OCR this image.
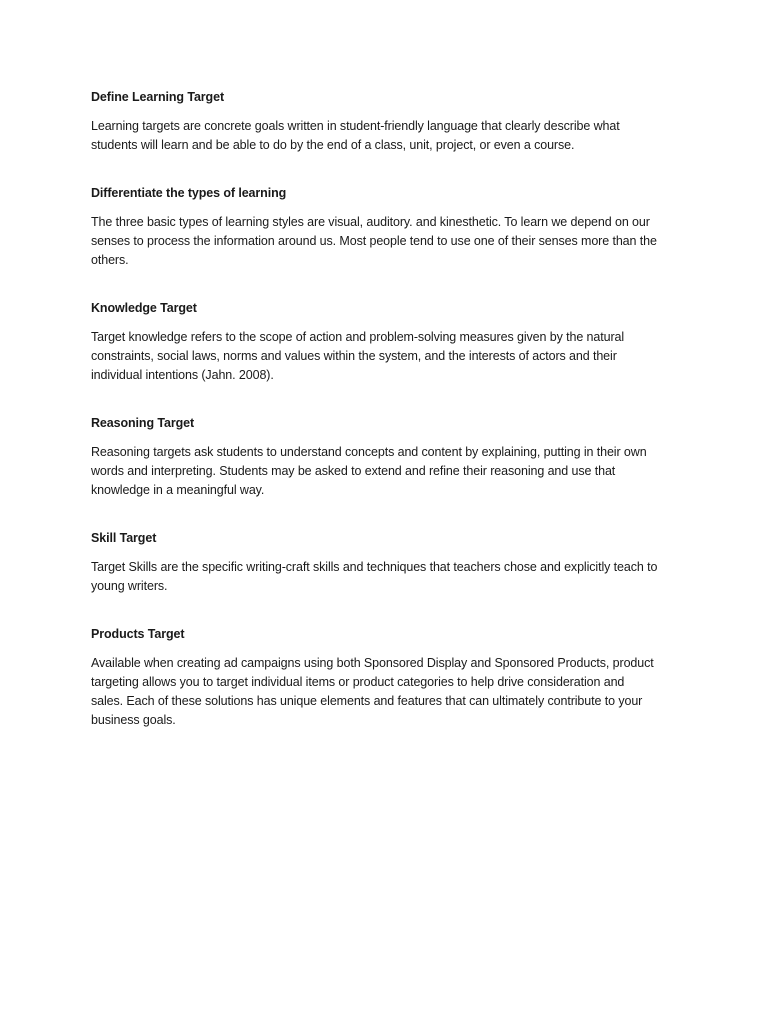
Define Learning Target

Learning targets are concrete goals written in student-friendly language that clearly describe what
students will learn and be able to do by the end of a class, unit, project, or even a course.

Differentiate the types of learning

The three basic types of learning styles are visual, auditory. and kinesthetic. To learn we depend on our
senses to process the information around us. Most people tend to use one of their senses more than the
others.

Knowledge Target

Target knowledge refers to the scope of action and problem-solving measures given by the natural
constraints, social laws, norms and values within the system, and the interests of actors and their
individual intentions (Jahn. 2008).

Reasoning Target

Reasoning targets ask students to understand concepts and content by explaining, putting in their own
words and interpreting. Students may be asked to extend and refine their reasoning and use that
knowledge in a meaningful way.

Skill Target

Target Skills are the specific writing-craft skills and techniques that teachers chose and explicitly teach to
young writers.

Products Target

Available when creating ad campaigns using both Sponsored Display and Sponsored Products, product
targeting allows you to target individual items or product categories to help drive consideration and
sales. Each of these solutions has unique elements and features that can ultimately contribute to your
business goals.
